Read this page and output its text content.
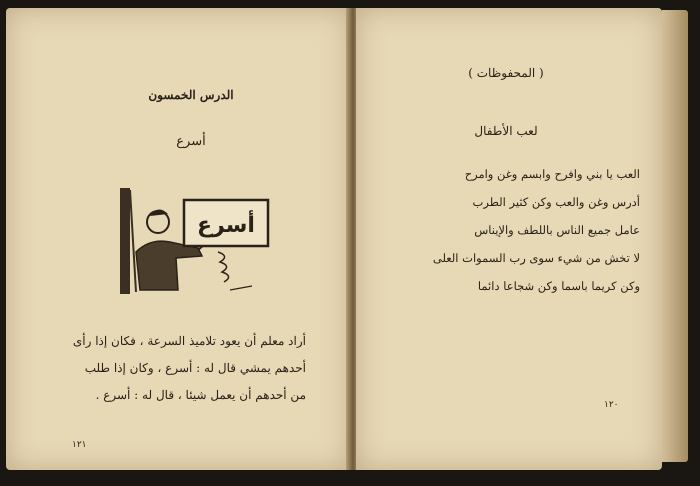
الدرس الخمسون
أسرع
أسرع

أراد معلم أن يعود تلاميذ السرعة ، فكان إذا رأى أحدهم يمشي قال له : أسرع ، وكان إذا طلب من أحدهم أن يعمل شيئا ، قال له : أسرع .

١٢١
( المحفوظات )
لعب الأطفال
العب يا بني وافرح وابسم وغن وامرح
أدرس وغن والعب وكن كثير الطرب
عامل جميع الناس باللطف والإيناس
لا تخش من شيء سوى رب السموات العلى
وكن كريما باسما وكن شجاعا دائما
١٢٠
